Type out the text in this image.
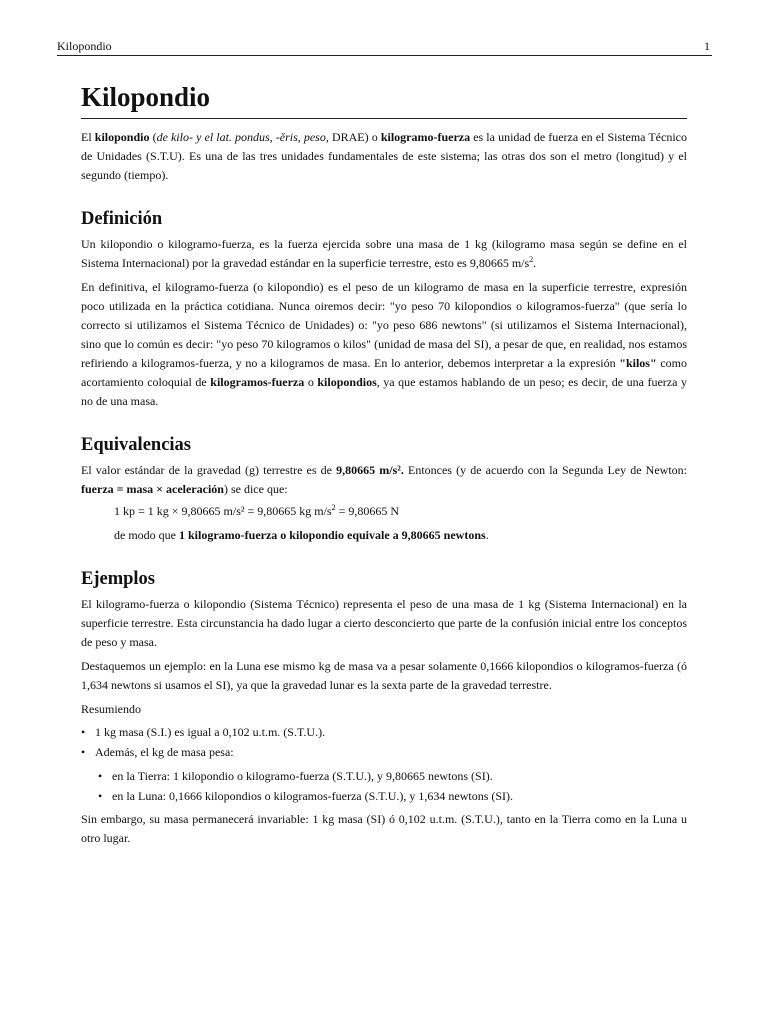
Kilopondio	1
Kilopondio

El kilopondio (de kilo- y el lat. pondus, -ĕris, peso, DRAE) o kilogramo-fuerza es la unidad de fuerza en el Sistema Técnico de Unidades (S.T.U). Es una de las tres unidades fundamentales de este sistema; las otras dos son el metro (longitud) y el segundo (tiempo).

Definición

Un kilopondio o kilogramo-fuerza, es la fuerza ejercida sobre una masa de 1 kg (kilogramo masa según se define en el Sistema Internacional) por la gravedad estándar en la superficie terrestre, esto es 9,80665 $m/s^2$.

En definitiva, el kilogramo-fuerza (o kilopondio) es el peso de un kilogramo de masa en la superficie terrestre, expresión poco utilizada en la práctica cotidiana. Nunca oiremos decir: "yo peso 70 kilopondios o kilogramos-fuerza" (que sería lo correcto si utilizamos el Sistema Técnico de Unidades) o: "yo peso 686 newtons" (si utilizamos el Sistema Internacional), sino que lo común es decir: "yo peso 70 kilogramos o kilos" (unidad de masa del SI), a pesar de que, en realidad, nos estamos refiriendo a kilogramos-fuerza, y no a kilogramos de masa. En lo anterior, debemos interpretar a la expresión "kilos" como acortamiento coloquial de kilogramos-fuerza o kilopondios, ya que estamos hablando de un peso; es decir, de una fuerza y no de una masa.

Equivalencias

El valor estándar de la gravedad (g) terrestre es de 9,80665 m/s². Entonces (y de acuerdo con la Segunda Ley de Newton: fuerza = masa × aceleración) se dice que:

1 kp = 1 kg × 9,80665 m/s² = 9,80665 kg $m/s^2 = 9,80665$ N

de modo que 1 kilogramo-fuerza o kilopondio equivale a 9,80665 newtons.

Ejemplos

El kilogramo-fuerza o kilopondio (Sistema Técnico) representa el peso de una masa de 1 kg (Sistema Internacional) en la superficie terrestre. Esta circunstancia ha dado lugar a cierto desconcierto que parte de la confusión inicial entre los conceptos de peso y masa.

Destaquemos un ejemplo: en la Luna ese mismo kg de masa va a pesar solamente 0,1666 kilopondios o kilogramos-fuerza (ó 1,634 newtons si usamos el SI), ya que la gravedad lunar es la sexta parte de la gravedad terrestre.

Resumiendo

• 1 kg masa (S.I.) es igual a 0,102 u.t.m. (S.T.U.).
• Además, el kg de masa pesa:
• en la Tierra: 1 kilopondio o kilogramo-fuerza (S.T.U.), y 9,80665 newtons (SI).
• en la Luna: 0,1666 kilopondios o kilogramos-fuerza (S.T.U.), y 1,634 newtons (SI).

Sin embargo, su masa permanecerá invariable: 1 kg masa (SI) ó 0,102 u.t.m. (S.T.U.), tanto en la Tierra como en la Luna u otro lugar.
